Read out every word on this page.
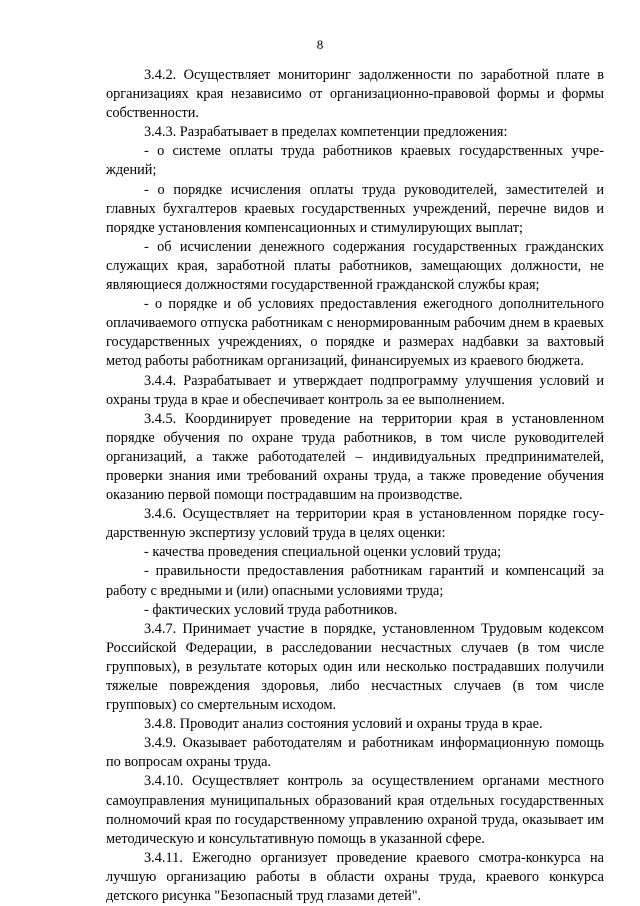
8

3.4.2. Осуществляет мониторинг задолженности по заработной плате в организациях края независимо от организационно-правовой формы и формы собственности.

3.4.3. Разрабатывает в пределах компетенции предложения:

- о системе оплаты труда работников краевых государственных учреждений;

- о порядке исчисления оплаты труда руководителей, заместителей и главных бухгалтеров краевых государственных учреждений, перечне видов и порядке установления компенсационных и стимулирующих выплат;

- об исчислении денежного содержания государственных гражданских служащих края, заработной платы работников, замещающих должности, не являющиеся должностями государственной гражданской службы края;

- о порядке и об условиях предоставления ежегодного дополнительного оплачиваемого отпуска работникам с ненормированным рабочим днем в краевых государственных учреждениях, о порядке и размерах надбавки за вахтовый метод работы работникам организаций, финансируемых из краевого бюджета.

3.4.4. Разрабатывает и утверждает подпрограмму улучшения условий и охраны труда в крае и обеспечивает контроль за ее выполнением.

3.4.5. Координирует проведение на территории края в установленном порядке обучения по охране труда работников, в том числе руководителей организаций, а также работодателей – индивидуальных предпринимателей, проверки знания ими требований охраны труда, а также проведение обучения оказанию первой помощи пострадавшим на производстве.

3.4.6. Осуществляет на территории края в установленном порядке государственную экспертизу условий труда в целях оценки:

- качества проведения специальной оценки условий труда;

- правильности предоставления работникам гарантий и компенсаций за работу с вредными и (или) опасными условиями труда;

- фактических условий труда работников.

3.4.7. Принимает участие в порядке, установленном Трудовым кодексом Российской Федерации, в расследовании несчастных случаев (в том числе групповых), в результате которых один или несколько пострадавших получили тяжелые повреждения здоровья, либо несчастных случаев (в том числе групповых) со смертельным исходом.

3.4.8. Проводит анализ состояния условий и охраны труда в крае.

3.4.9. Оказывает работодателям и работникам информационную помощь по вопросам охраны труда.

3.4.10. Осуществляет контроль за осуществлением органами местного самоуправления муниципальных образований края отдельных государственных полномочий края по государственному управлению охраной труда, оказывает им методическую и консультативную помощь в указанной сфере.

3.4.11. Ежегодно организует проведение краевого смотра-конкурса на лучшую организацию работы в области охраны труда, краевого конкурса детского рисунка "Безопасный труд глазами детей".
